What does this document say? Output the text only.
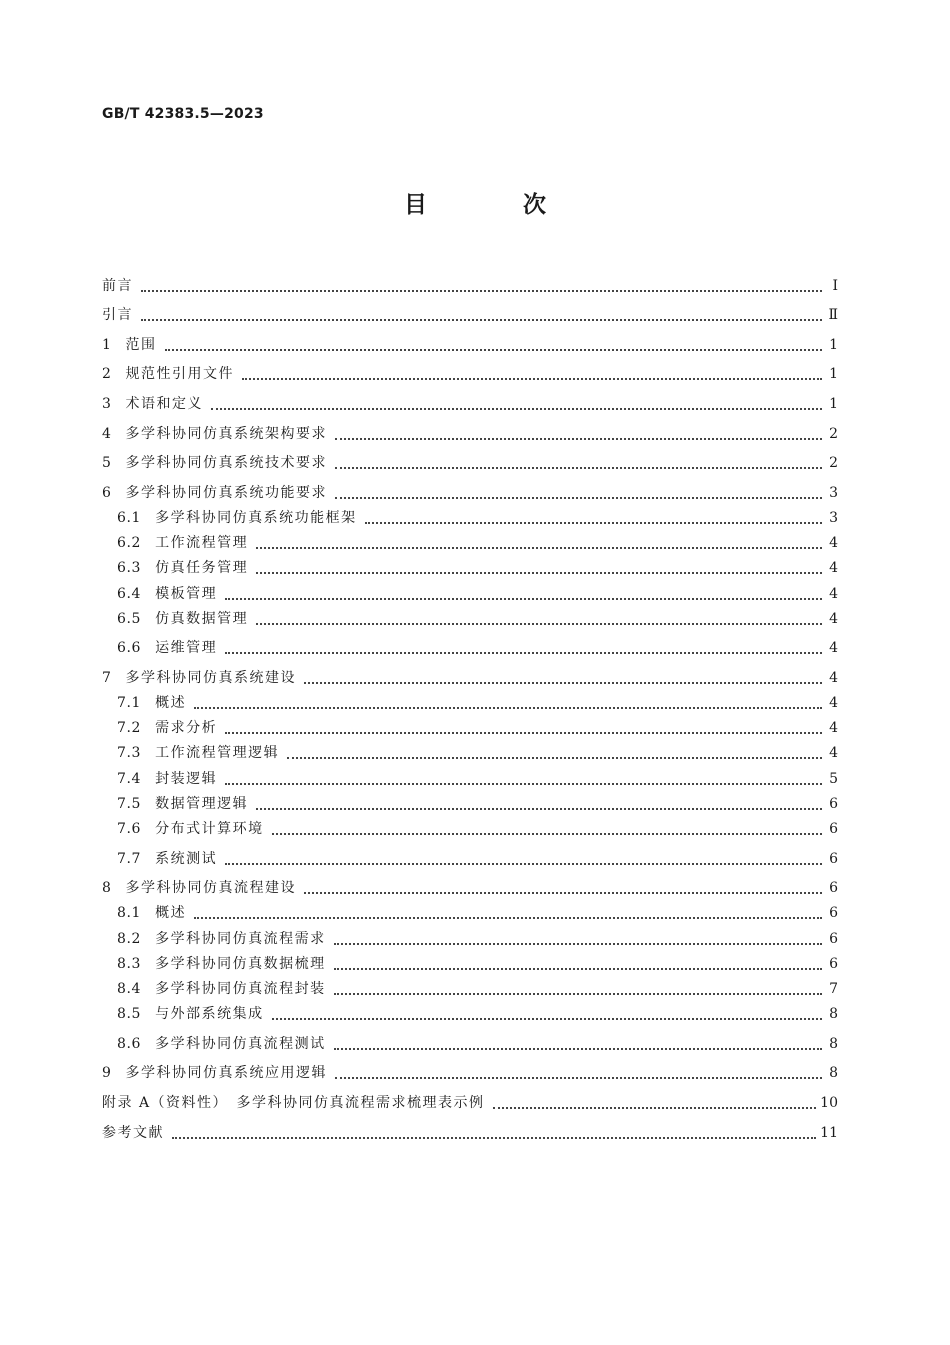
GB/T 42383.5—2023
目 次
前言	Ⅰ
引言	Ⅱ
1	范围	1
2	规范性引用文件	1
3	术语和定义	1
4	多学科协同仿真系统架构要求	2
5	多学科协同仿真系统技术要求	2
6	多学科协同仿真系统功能要求	3
6.1	多学科协同仿真系统功能框架	3
6.2	工作流程管理	4
6.3	仿真任务管理	4
6.4	模板管理	4
6.5	仿真数据管理	4
6.6	运维管理	4
7	多学科协同仿真系统建设	4
7.1	概述	4
7.2	需求分析	4
7.3	工作流程管理逻辑	4
7.4	封装逻辑	5
7.5	数据管理逻辑	6
7.6	分布式计算环境	6
7.7	系统测试	6
8	多学科协同仿真流程建设	6
8.1	概述	6
8.2	多学科协同仿真流程需求	6
8.3	多学科协同仿真数据梳理	6
8.4	多学科协同仿真流程封装	7
8.5	与外部系统集成	8
8.6	多学科协同仿真流程测试	8
9	多学科协同仿真系统应用逻辑	8
附录 A（资料性）　多学科协同仿真流程需求梳理表示例	10
参考文献	11
